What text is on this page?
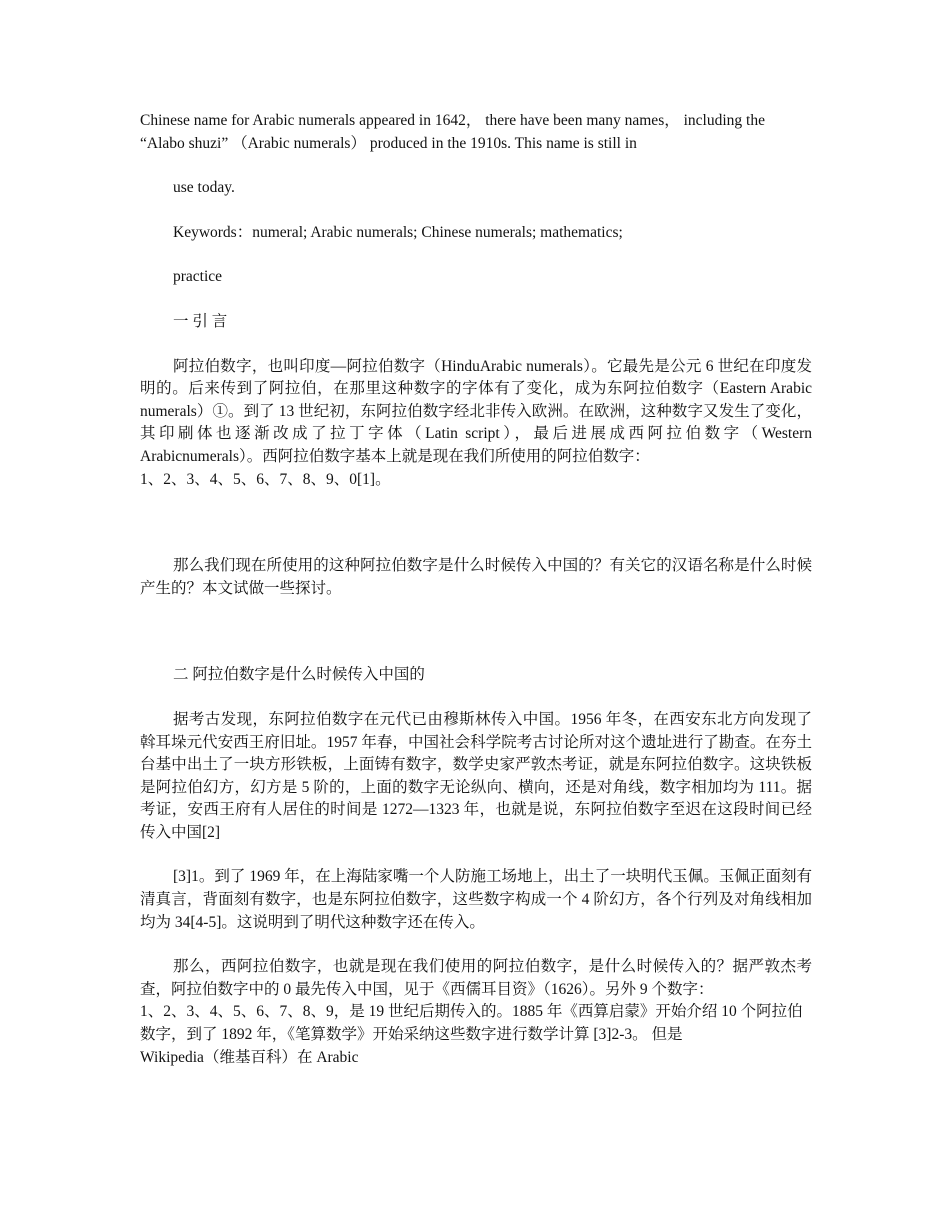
Chinese name for Arabic numerals appeared in 1642， there have been many names， including the

“Alabo shuzi” （Arabic numerals） produced in the 1910s. This name is still in

use today.

Keywords：numeral; Arabic numerals; Chinese numerals; mathematics;

practice

一 引 言

阿拉伯数字，也叫印度—阿拉伯数字（HinduArabic numerals）。它最先是公元 6 世纪在印度发明的。后来传到了阿拉伯，在那里这种数字的字体有了变化，成为东阿拉伯数字（Eastern Arabic numerals）①。到了 13 世纪初，东阿拉伯数字经北非传入欧洲。在欧洲，这种数字又发生了变化，其印刷体也逐渐改成了拉丁字体（Latin script），最后进展成西阿拉伯数字（Western Arabicnumerals）。西阿拉伯数字基本上就是现在我们所使用的阿拉伯数字：

1、2、3、4、5、6、7、8、9、0[1]。

那么我们现在所使用的这种阿拉伯数字是什么时候传入中国的？有关它的汉语名称是什么时候产生的？本文试做一些探讨。

二 阿拉伯数字是什么时候传入中国的

据考古发现，东阿拉伯数字在元代已由穆斯林传入中国。1956 年冬，在西安东北方向发现了斡耳垛元代安西王府旧址。1957 年春，中国社会科学院考古讨论所对这个遗址进行了勘查。在夯土台基中出土了一块方形铁板，上面铸有数字，数学史家严敦杰考证，就是东阿拉伯数字。这块铁板是阿拉伯幻方，幻方是 5 阶的，上面的数字无论纵向、横向，还是对角线，数字相加均为 111。据考证，安西王府有人居住的时间是 1272—1323 年，也就是说，东阿拉伯数字至迟在这段时间已经传入中国[2]

[3]1。到了 1969 年，在上海陆家嘴一个人防施工场地上，出土了一块明代玉佩。玉佩正面刻有清真言，背面刻有数字，也是东阿拉伯数字，这些数字构成一个 4 阶幻方，各个行列及对角线相加均为 34[4-5]。这说明到了明代这种数字还在传入。

那么，西阿拉伯数字，也就是现在我们使用的阿拉伯数字，是什么时候传入的？据严敦杰考查，阿拉伯数字中的 0 最先传入中国，见于《西儒耳目资》（1626）。另外 9 个数字：

1、2、3、4、5、6、7、8、9，是 19 世纪后期传入的。1885 年《西算启蒙》开始介绍 10 个阿拉伯数字，到了 1892 年，《笔算数学》开始采纳这些数字进行数学计算 [3]2-3。 但是

Wikipedia（维基百科）在 Arabic
